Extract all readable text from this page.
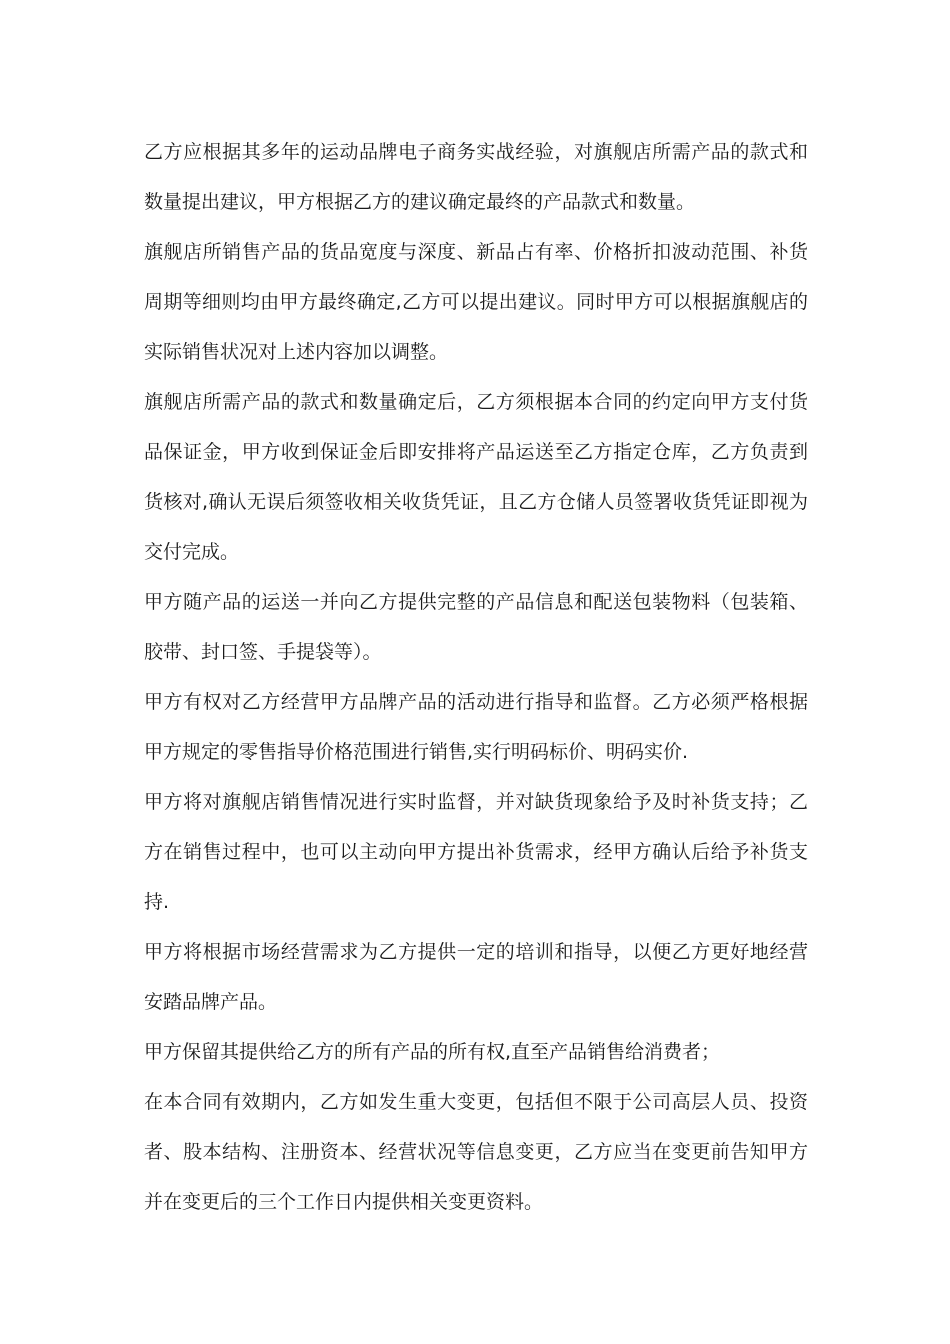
乙方应根据其多年的运动品牌电子商务实战经验，对旗舰店所需产品的款式和数量提出建议，甲方根据乙方的建议确定最终的产品款式和数量。

旗舰店所销售产品的货品宽度与深度、新品占有率、价格折扣波动范围、补货周期等细则均由甲方最终确定,乙方可以提出建议。同时甲方可以根据旗舰店的实际销售状况对上述内容加以调整。

旗舰店所需产品的款式和数量确定后，乙方须根据本合同的约定向甲方支付货品保证金，甲方收到保证金后即安排将产品运送至乙方指定仓库，乙方负责到货核对,确认无误后须签收相关收货凭证，且乙方仓储人员签署收货凭证即视为交付完成。

甲方随产品的运送一并向乙方提供完整的产品信息和配送包装物料（包装箱、胶带、封口签、手提袋等）。

甲方有权对乙方经营甲方品牌产品的活动进行指导和监督。乙方必须严格根据甲方规定的零售指导价格范围进行销售,实行明码标价、明码实价.

甲方将对旗舰店销售情况进行实时监督，并对缺货现象给予及时补货支持；乙方在销售过程中，也可以主动向甲方提出补货需求，经甲方确认后给予补货支持.

甲方将根据市场经营需求为乙方提供一定的培训和指导，以便乙方更好地经营安踏品牌产品。

甲方保留其提供给乙方的所有产品的所有权,直至产品销售给消费者；

在本合同有效期内，乙方如发生重大变更，包括但不限于公司高层人员、投资者、股本结构、注册资本、经营状况等信息变更，乙方应当在变更前告知甲方并在变更后的三个工作日内提供相关变更资料。
